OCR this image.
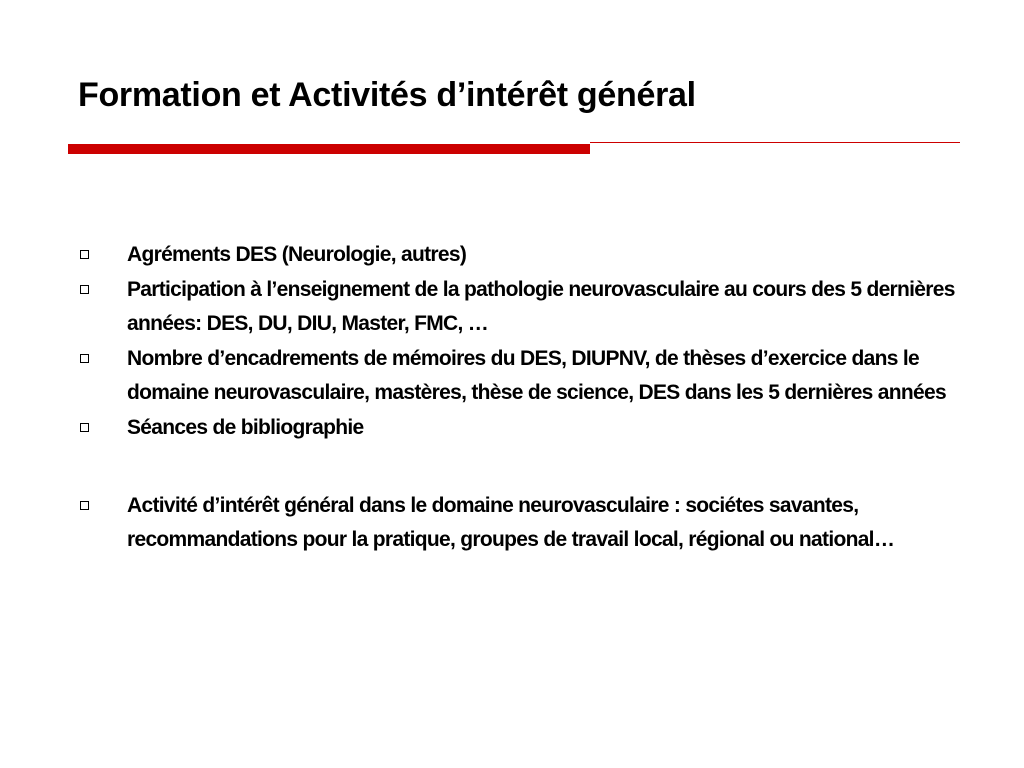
Formation et Activités d’intérêt général
Agréments DES (Neurologie, autres)
Participation à l’enseignement de la pathologie neurovasculaire au cours des 5 dernières années: DES, DU, DIU, Master, FMC, …
Nombre d’encadrements de mémoires du DES, DIUPNV, de thèses d’exercice dans le domaine neurovasculaire, mastères, thèse de science, DES dans les 5 dernières années
Séances de bibliographie
Activité d’intérêt général dans le domaine neurovasculaire : sociétes savantes, recommandations pour la pratique, groupes de travail local, régional ou national…
